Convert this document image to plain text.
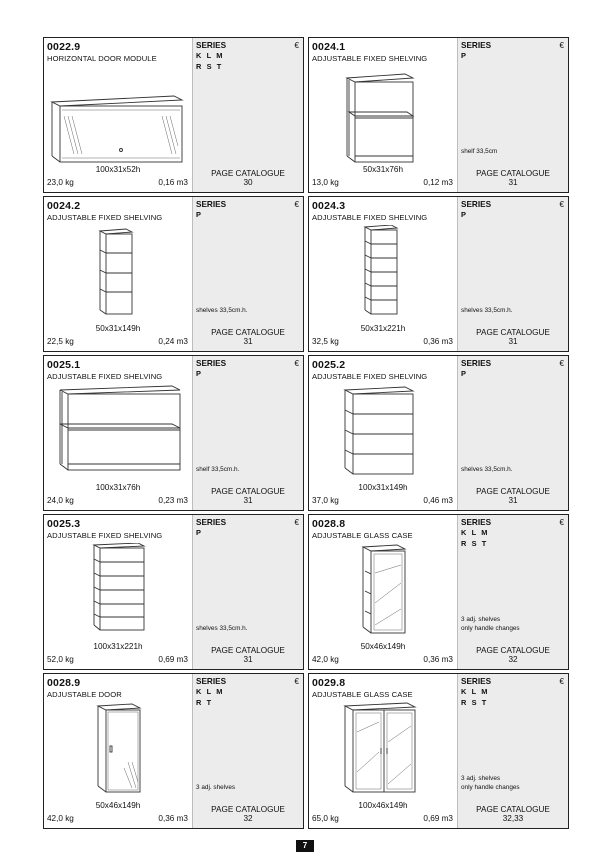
0022.9
HORIZONTAL DOOR MODULE
100x31x52h
23,0 kg	0,16 m3
SERIES	€
K L M
R S T
PAGE CATALOGUE
30
0024.1
ADJUSTABLE FIXED SHELVING
50x31x76h
13,0 kg	0,12 m3
SERIES	€
P
shelf 33,5cm
PAGE CATALOGUE
31
0024.2
ADJUSTABLE FIXED SHELVING
50x31x149h
22,5 kg	0,24 m3
SERIES	€
P
shelves 33,5cm.h.
PAGE CATALOGUE
31
0024.3
ADJUSTABLE FIXED SHELVING
50x31x221h
32,5 kg	0,36 m3
SERIES	€
P
shelves 33,5cm.h.
PAGE CATALOGUE
31
0025.1
ADJUSTABLE FIXED SHELVING
100x31x76h
24,0 kg	0,23 m3
SERIES	€
P
shelf 33,5cm.h.
PAGE CATALOGUE
31
0025.2
ADJUSTABLE FIXED SHELVING
100x31x149h
37,0 kg	0,46 m3
SERIES	€
P
shelves 33,5cm.h.
PAGE CATALOGUE
31
0025.3
ADJUSTABLE FIXED SHELVING
100x31x221h
52,0 kg	0,69 m3
SERIES	€
P
shelves 33,5cm.h.
PAGE CATALOGUE
31
0028.8
ADJUSTABLE GLASS CASE
50x46x149h
42,0 kg	0,36 m3
SERIES	€
K L M
R S T
3 adj. shelves
only handle changes
PAGE CATALOGUE
32
0028.9
ADJUSTABLE DOOR
50x46x149h
42,0 kg	0,36 m3
SERIES	€
K L M
R T
3 adj. shelves
PAGE CATALOGUE
32
0029.8
ADJUSTABLE GLASS CASE
100x46x149h
65,0 kg	0,69 m3
SERIES	€
K L M
R S T
3 adj. shelves
only handle changes
PAGE CATALOGUE
32,33
7
